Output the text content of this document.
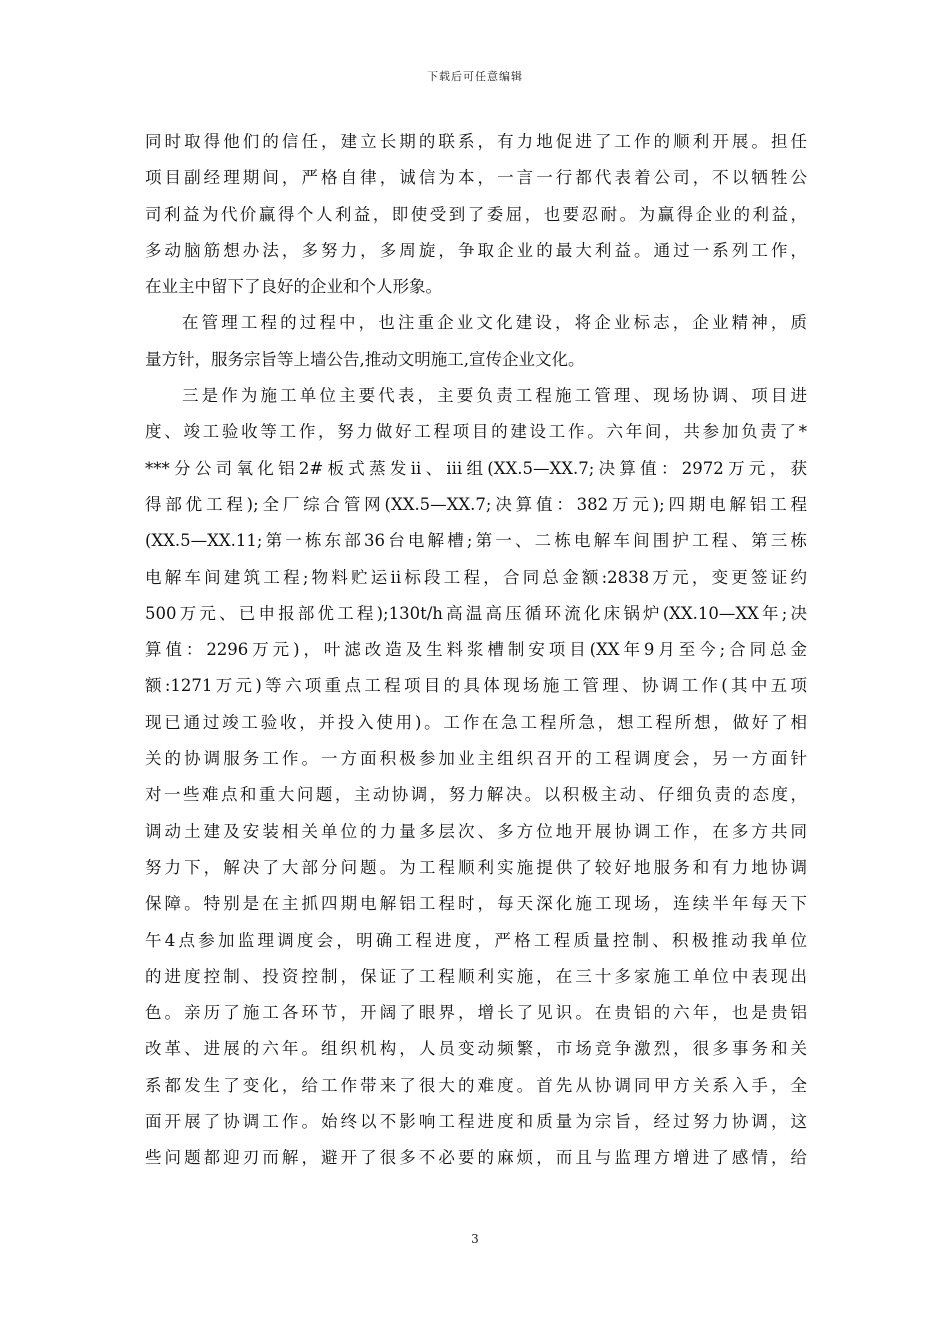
下载后可任意编辑
同时取得他们的信任，建立长期的联系，有力地促进了工作的顺利开展。担任
项目副经理期间，严格自律，诚信为本，一言一行都代表着公司，不以牺牲公
司利益为代价赢得个人利益，即使受到了委屈，也要忍耐。为赢得企业的利益，
多动脑筋想办法，多努力，多周旋，争取企业的最大利益。通过一系列工作，
在业主中留下了良好的企业和个人形象。
在管理工程的过程中，也注重企业文化建设，将企业标志，企业精神，质
量方针，服务宗旨等上墙公告,推动文明施工,宣传企业文化。
三是作为施工单位主要代表，主要负责工程施工管理、现场协调、项目进
度、竣工验收等工作，努力做好工程项目的建设工作。六年间，共参加负责了*
***分公司氧化铝2#板式蒸发ii、iii组(XX.5—XX.7;决算值：2972万元，获
得部优工程);全厂综合管网(XX.5—XX.7;决算值：382万元);四期电解铝工程
(XX.5—XX.11;第一栋东部36台电解槽;第一、二栋电解车间围护工程、第三栋
电解车间建筑工程;物料贮运ii标段工程，合同总金额:2838万元，变更签证约
500万元、已申报部优工程);130t/h高温高压循环流化床锅炉(XX.10—XX年;决
算值：2296万元)，叶滤改造及生料浆槽制安项目(XX年9月至今;合同总金
额:1271万元)等六项重点工程项目的具体现场施工管理、协调工作(其中五项
现已通过竣工验收，并投入使用)。工作在急工程所急，想工程所想，做好了相
关的协调服务工作。一方面积极参加业主组织召开的工程调度会，另一方面针
对一些难点和重大问题，主动协调，努力解决。以积极主动、仔细负责的态度，
调动土建及安装相关单位的力量多层次、多方位地开展协调工作，在多方共同
努力下，解决了大部分问题。为工程顺利实施提供了较好地服务和有力地协调
保障。特别是在主抓四期电解铝工程时，每天深化施工现场，连续半年每天下
午4点参加监理调度会，明确工程进度，严格工程质量控制、积极推动我单位
的进度控制、投资控制，保证了工程顺利实施，在三十多家施工单位中表现出
色。亲历了施工各环节，开阔了眼界，增长了见识。在贵铝的六年，也是贵铝
改革、进展的六年。组织机构，人员变动频繁，市场竞争激烈，很多事务和关
系都发生了变化，给工作带来了很大的难度。首先从协调同甲方关系入手，全
面开展了协调工作。始终以不影响工程进度和质量为宗旨，经过努力协调，这
些问题都迎刃而解，避开了很多不必要的麻烦，而且与监理方增进了感情，给
3
